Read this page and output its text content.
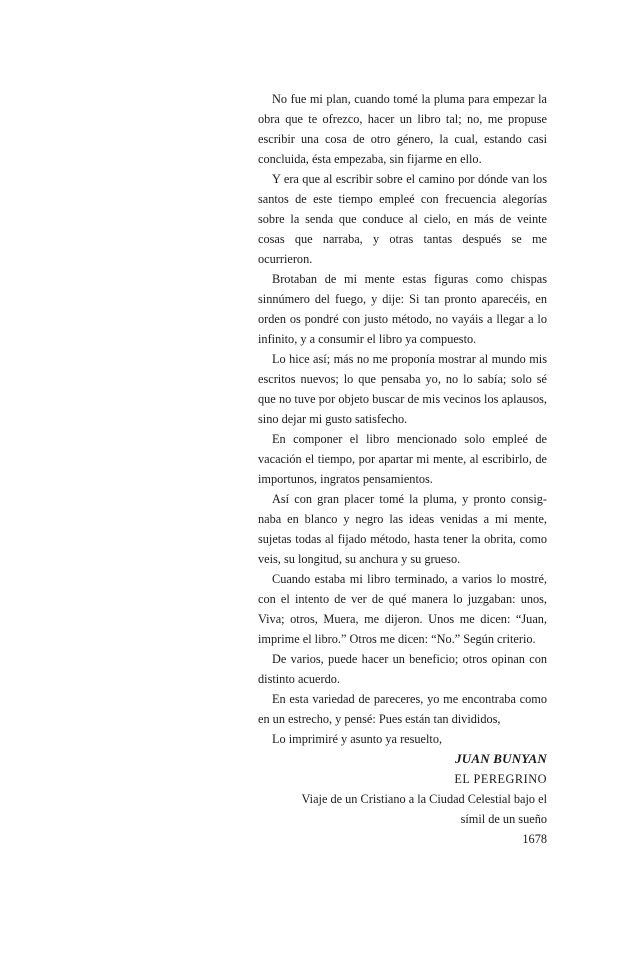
No fue mi plan, cuando tomé la pluma para empezar la obra que te ofrezco, hacer un libro tal; no, me propuse escribir una cosa de otro género, la cual, estando casi concluida, ésta empezaba, sin fijarme en ello.

Y era que al escribir sobre el camino por dónde van los santos de este tiempo empleé con frecuencia alegorías sobre la senda que conduce al cielo, en más de veinte cosas que narraba, y otras tantas después se me ocurrieron.

Brotaban de mi mente estas figuras como chispas sinnúmero del fuego, y dije: Si tan pronto aparecéis, en orden os pondré con justo método, no vayáis a llegar a lo infinito, y a consumir el libro ya compuesto.

Lo hice así; más no me proponía mostrar al mundo mis escritos nuevos; lo que pensaba yo, no lo sabía; solo sé que no tuve por objeto buscar de mis vecinos los aplausos, sino dejar mi gusto satisfecho.

En componer el libro mencionado solo empleé de vacación el tiempo, por apartar mi mente, al escribirlo, de importunos, ingratos pensamientos.

Así con gran placer tomé la pluma, y pronto consignaba en blanco y negro las ideas venidas a mi mente, sujetas todas al fijado método, hasta tener la obrita, como veis, su longitud, su anchura y su grueso.

Cuando estaba mi libro terminado, a varios lo mostré, con el intento de ver de qué manera lo juzgaban: unos, Viva; otros, Muera, me dijeron. Unos me dicen: “Juan, imprime el libro.” Otros me dicen: “No.” Según criterio.

De varios, puede hacer un beneficio; otros opinan con distinto acuerdo.

En esta variedad de pareceres, yo me encontraba como en un estrecho, y pensé: Pues están tan divididos,

Lo imprimiré y asunto ya resuelto,

JUAN BUNYAN

EL PEREGRINO

Viaje de un Cristiano a la Ciudad Celestial bajo el símil de un sueño

1678
